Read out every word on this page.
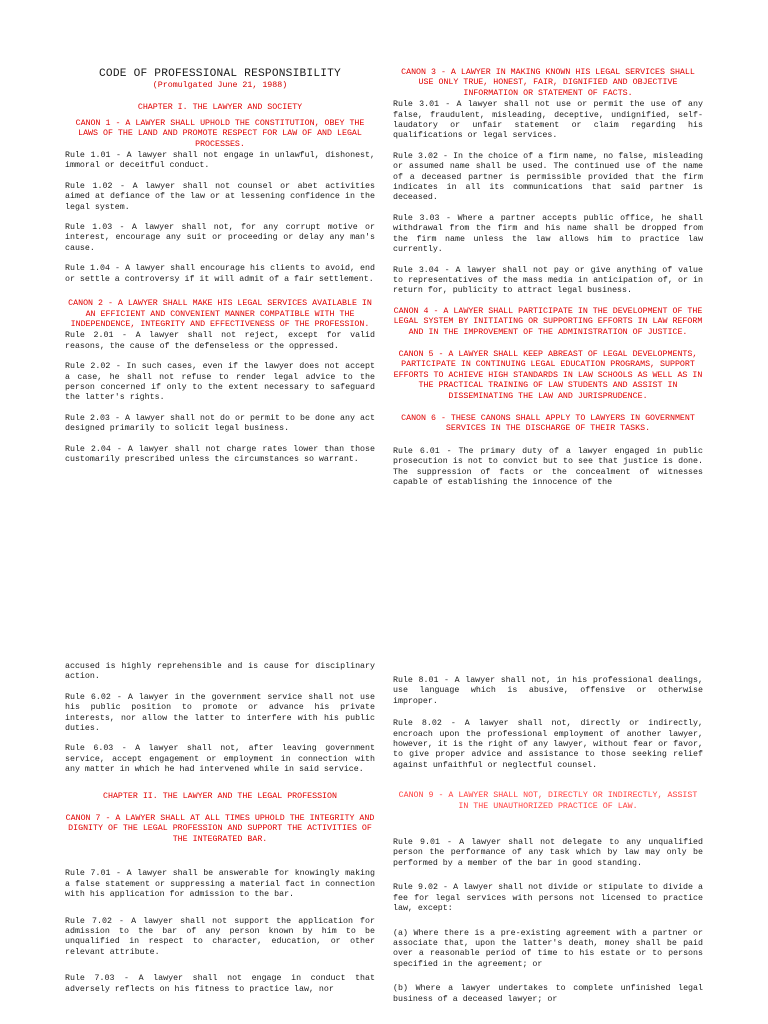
CODE OF PROFESSIONAL RESPONSIBILITY

(Promulgated June 21, 1988)

CHAPTER I. THE LAWYER AND SOCIETY

CANON 1 - A LAWYER SHALL UPHOLD THE CONSTITUTION, OBEY THE LAWS OF THE LAND AND PROMOTE RESPECT FOR LAW OF AND LEGAL PROCESSES.

Rule 1.01 - A lawyer shall not engage in unlawful, dishonest, immoral or deceitful conduct.

Rule 1.02 - A lawyer shall not counsel or abet activities aimed at defiance of the law or at lessening confidence in the legal system.

Rule 1.03 - A lawyer shall not, for any corrupt motive or interest, encourage any suit or proceeding or delay any man's cause.

Rule 1.04 - A lawyer shall encourage his clients to avoid, end or settle a controversy if it will admit of a fair settlement.

CANON 2 - A LAWYER SHALL MAKE HIS LEGAL SERVICES AVAILABLE IN AN EFFICIENT AND CONVENIENT MANNER COMPATIBLE WITH THE INDEPENDENCE, INTEGRITY AND EFFECTIVENESS OF THE PROFESSION.

Rule 2.01 - A lawyer shall not reject, except for valid reasons, the cause of the defenseless or the oppressed.

Rule 2.02 - In such cases, even if the lawyer does not accept a case, he shall not refuse to render legal advice to the person concerned if only to the extent necessary to safeguard the latter's rights.

Rule 2.03 - A lawyer shall not do or permit to be done any act designed primarily to solicit legal business.

Rule 2.04 - A lawyer shall not charge rates lower than those customarily prescribed unless the circumstances so warrant.

CANON 3 - A LAWYER IN MAKING KNOWN HIS LEGAL SERVICES SHALL USE ONLY TRUE, HONEST, FAIR, DIGNIFIED AND OBJECTIVE INFORMATION OR STATEMENT OF FACTS.

Rule 3.01 - A lawyer shall not use or permit the use of any false, fraudulent, misleading, deceptive, undignified, self-laudatory or unfair statement or claim regarding his qualifications or legal services.

Rule 3.02 - In the choice of a firm name, no false, misleading or assumed name shall be used. The continued use of the name of a deceased partner is permissible provided that the firm indicates in all its communications that said partner is deceased.

Rule 3.03 - Where a partner accepts public office, he shall withdrawal from the firm and his name shall be dropped from the firm name unless the law allows him to practice law currently.

Rule 3.04 - A lawyer shall not pay or give anything of value to representatives of the mass media in anticipation of, or in return for, publicity to attract legal business.

CANON 4 - A LAWYER SHALL PARTICIPATE IN THE DEVELOPMENT OF THE LEGAL SYSTEM BY INITIATING OR SUPPORTING EFFORTS IN LAW REFORM AND IN THE IMPROVEMENT OF THE ADMINISTRATION OF JUSTICE.

CANON 5 - A LAWYER SHALL KEEP ABREAST OF LEGAL DEVELOPMENTS, PARTICIPATE IN CONTINUING LEGAL EDUCATION PROGRAMS, SUPPORT EFFORTS TO ACHIEVE HIGH STANDARDS IN LAW SCHOOLS AS WELL AS IN THE PRACTICAL TRAINING OF LAW STUDENTS AND ASSIST IN DISSEMINATING THE LAW AND JURISPRUDENCE.

CANON 6 - THESE CANONS SHALL APPLY TO LAWYERS IN GOVERNMENT SERVICES IN THE DISCHARGE OF THEIR TASKS.

Rule 6.01 - The primary duty of a lawyer engaged in public prosecution is not to convict but to see that justice is done. The suppression of facts or the concealment of witnesses capable of establishing the innocence of the

accused is highly reprehensible and is cause for disciplinary action.

Rule 6.02 - A lawyer in the government service shall not use his public position to promote or advance his private interests, nor allow the latter to interfere with his public duties.

Rule 6.03 - A lawyer shall not, after leaving government service, accept engagement or employment in connection with any matter in which he had intervened while in said service.

CHAPTER II. THE LAWYER AND THE LEGAL PROFESSION

CANON 7 - A LAWYER SHALL AT ALL TIMES UPHOLD THE INTEGRITY AND DIGNITY OF THE LEGAL PROFESSION AND SUPPORT THE ACTIVITIES OF THE INTEGRATED BAR.

Rule 7.01 - A lawyer shall be answerable for knowingly making a false statement or suppressing a material fact in connection with his application for admission to the bar.

Rule 7.02 - A lawyer shall not support the application for admission to the bar of any person known by him to be unqualified in respect to character, education, or other relevant attribute.

Rule 7.03 - A lawyer shall not engage in conduct that adversely reflects on his fitness to practice law, nor

Rule 8.01 - A lawyer shall not, in his professional dealings, use language which is abusive, offensive or otherwise improper.

Rule 8.02 - A lawyer shall not, directly or indirectly, encroach upon the professional employment of another lawyer, however, it is the right of any lawyer, without fear or favor, to give proper advice and assistance to those seeking relief against unfaithful or neglectful counsel.

CANON 9 - A LAWYER SHALL NOT, DIRECTLY OR INDIRECTLY, ASSIST IN THE UNAUTHORIZED PRACTICE OF LAW.

Rule 9.01 - A lawyer shall not delegate to any unqualified person the performance of any task which by law may only be performed by a member of the bar in good standing.

Rule 9.02 - A lawyer shall not divide or stipulate to divide a fee for legal services with persons not licensed to practice law, except:

(a) Where there is a pre-existing agreement with a partner or associate that, upon the latter's death, money shall be paid over a reasonable period of time to his estate or to persons specified in the agreement; or

(b) Where a lawyer undertakes to complete unfinished legal business of a deceased lawyer; or
